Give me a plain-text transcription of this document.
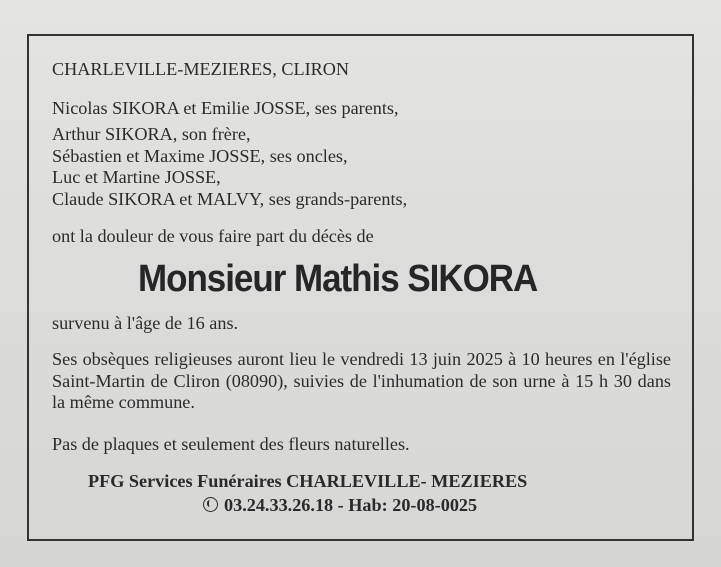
CHARLEVILLE-MEZIERES, CLIRON
Nicolas SIKORA et Emilie JOSSE, ses parents,
Arthur SIKORA, son frère,
Sébastien et Maxime JOSSE, ses oncles,
Luc et Martine JOSSE,
Claude SIKORA et MALVY, ses grands-parents,
ont la douleur de vous faire part du décès de
Monsieur Mathis SIKORA
survenu à l'âge de 16 ans.
Ses obsèques religieuses auront lieu le vendredi 13 juin 2025 à 10 heures en l'église Saint-Martin de Cliron (08090), suivies de l'inhumation de son urne à 15 h 30 dans la même commune.
Pas de plaques et seulement des fleurs naturelles.
PFG Services Funéraires CHARLEVILLE- MEZIERES
03.24.33.26.18 - Hab: 20-08-0025
